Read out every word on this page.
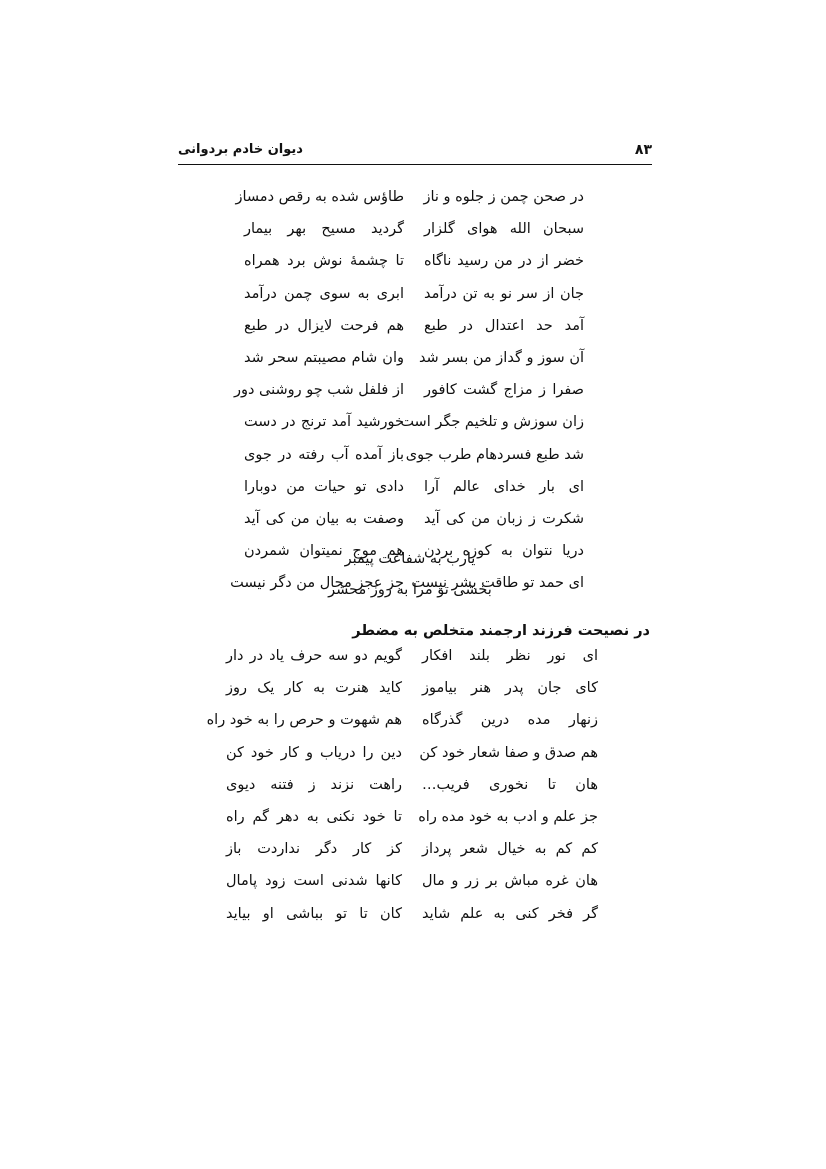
۸۳
دیوان خادم بردوانی
در صحن چمن ز جلوه و ناز
طاؤس شده به رقص دمساز
سبحان الله هوای گلزار
گردید مسیح بهر بیمار
خضر از در من رسید ناگاه
تا چشمهٔ نوش برد همراه
جان از سر نو به تن درآمد
ابری به سوی چمن درآمد
آمد حد اعتدال در طبع
هم فرحت لایزال در طبع
آن سوز و گداز من بسر شد
وان شام مصیبتم سحر شد
صفرا ز مزاج گشت کافور
از فلفل شب چو روشنی دور
زان سوزش و تلخیم جگر است
خورشید آمد ترنج در دست
شد طبع فسردهام طرب جوی
باز آمده آب رفته در جوی
ای بار خدای عالم آرا
دادی تو حیات من دوبارا
شکرت ز زبان من کی آید
وصفت به بیان من کی آید
دریا نتوان به کوزه بردن
هم موج نمیتوان شمردن
ای حمد تو طاقت بشر نیست
جز عجز محال من دگر نیست
یارب به شفاعت پیمبر
بخشی تو مرا به روز محشر
در نصیحت فرزند ارجمند متخلص به مضطر
ای نور نظر بلند افکار
گویم دو سه حرف یاد در دار
کای جان پدر هنر بیاموز
کاید هنرت به کار یک روز
زنهار مده درین گذرگاه
هم شهوت و حرص را به خود راه
هم صدق و صفا شعار خود کن
دین را دریاب و کار خود کن
هان تا نخوری فریب…
راهت نزند ز فتنه دیوی
جز علم و ادب به خود مده راه
تا خود نکنی به دهر گم راه
کم کم به خیال شعر پرداز
کز کار دگر نداردت باز
هان غره مباش بر زر و مال
کانها شدنی است زود پامال
گر فخر کنی به علم شاید
کان تا تو بباشی او بیاید
